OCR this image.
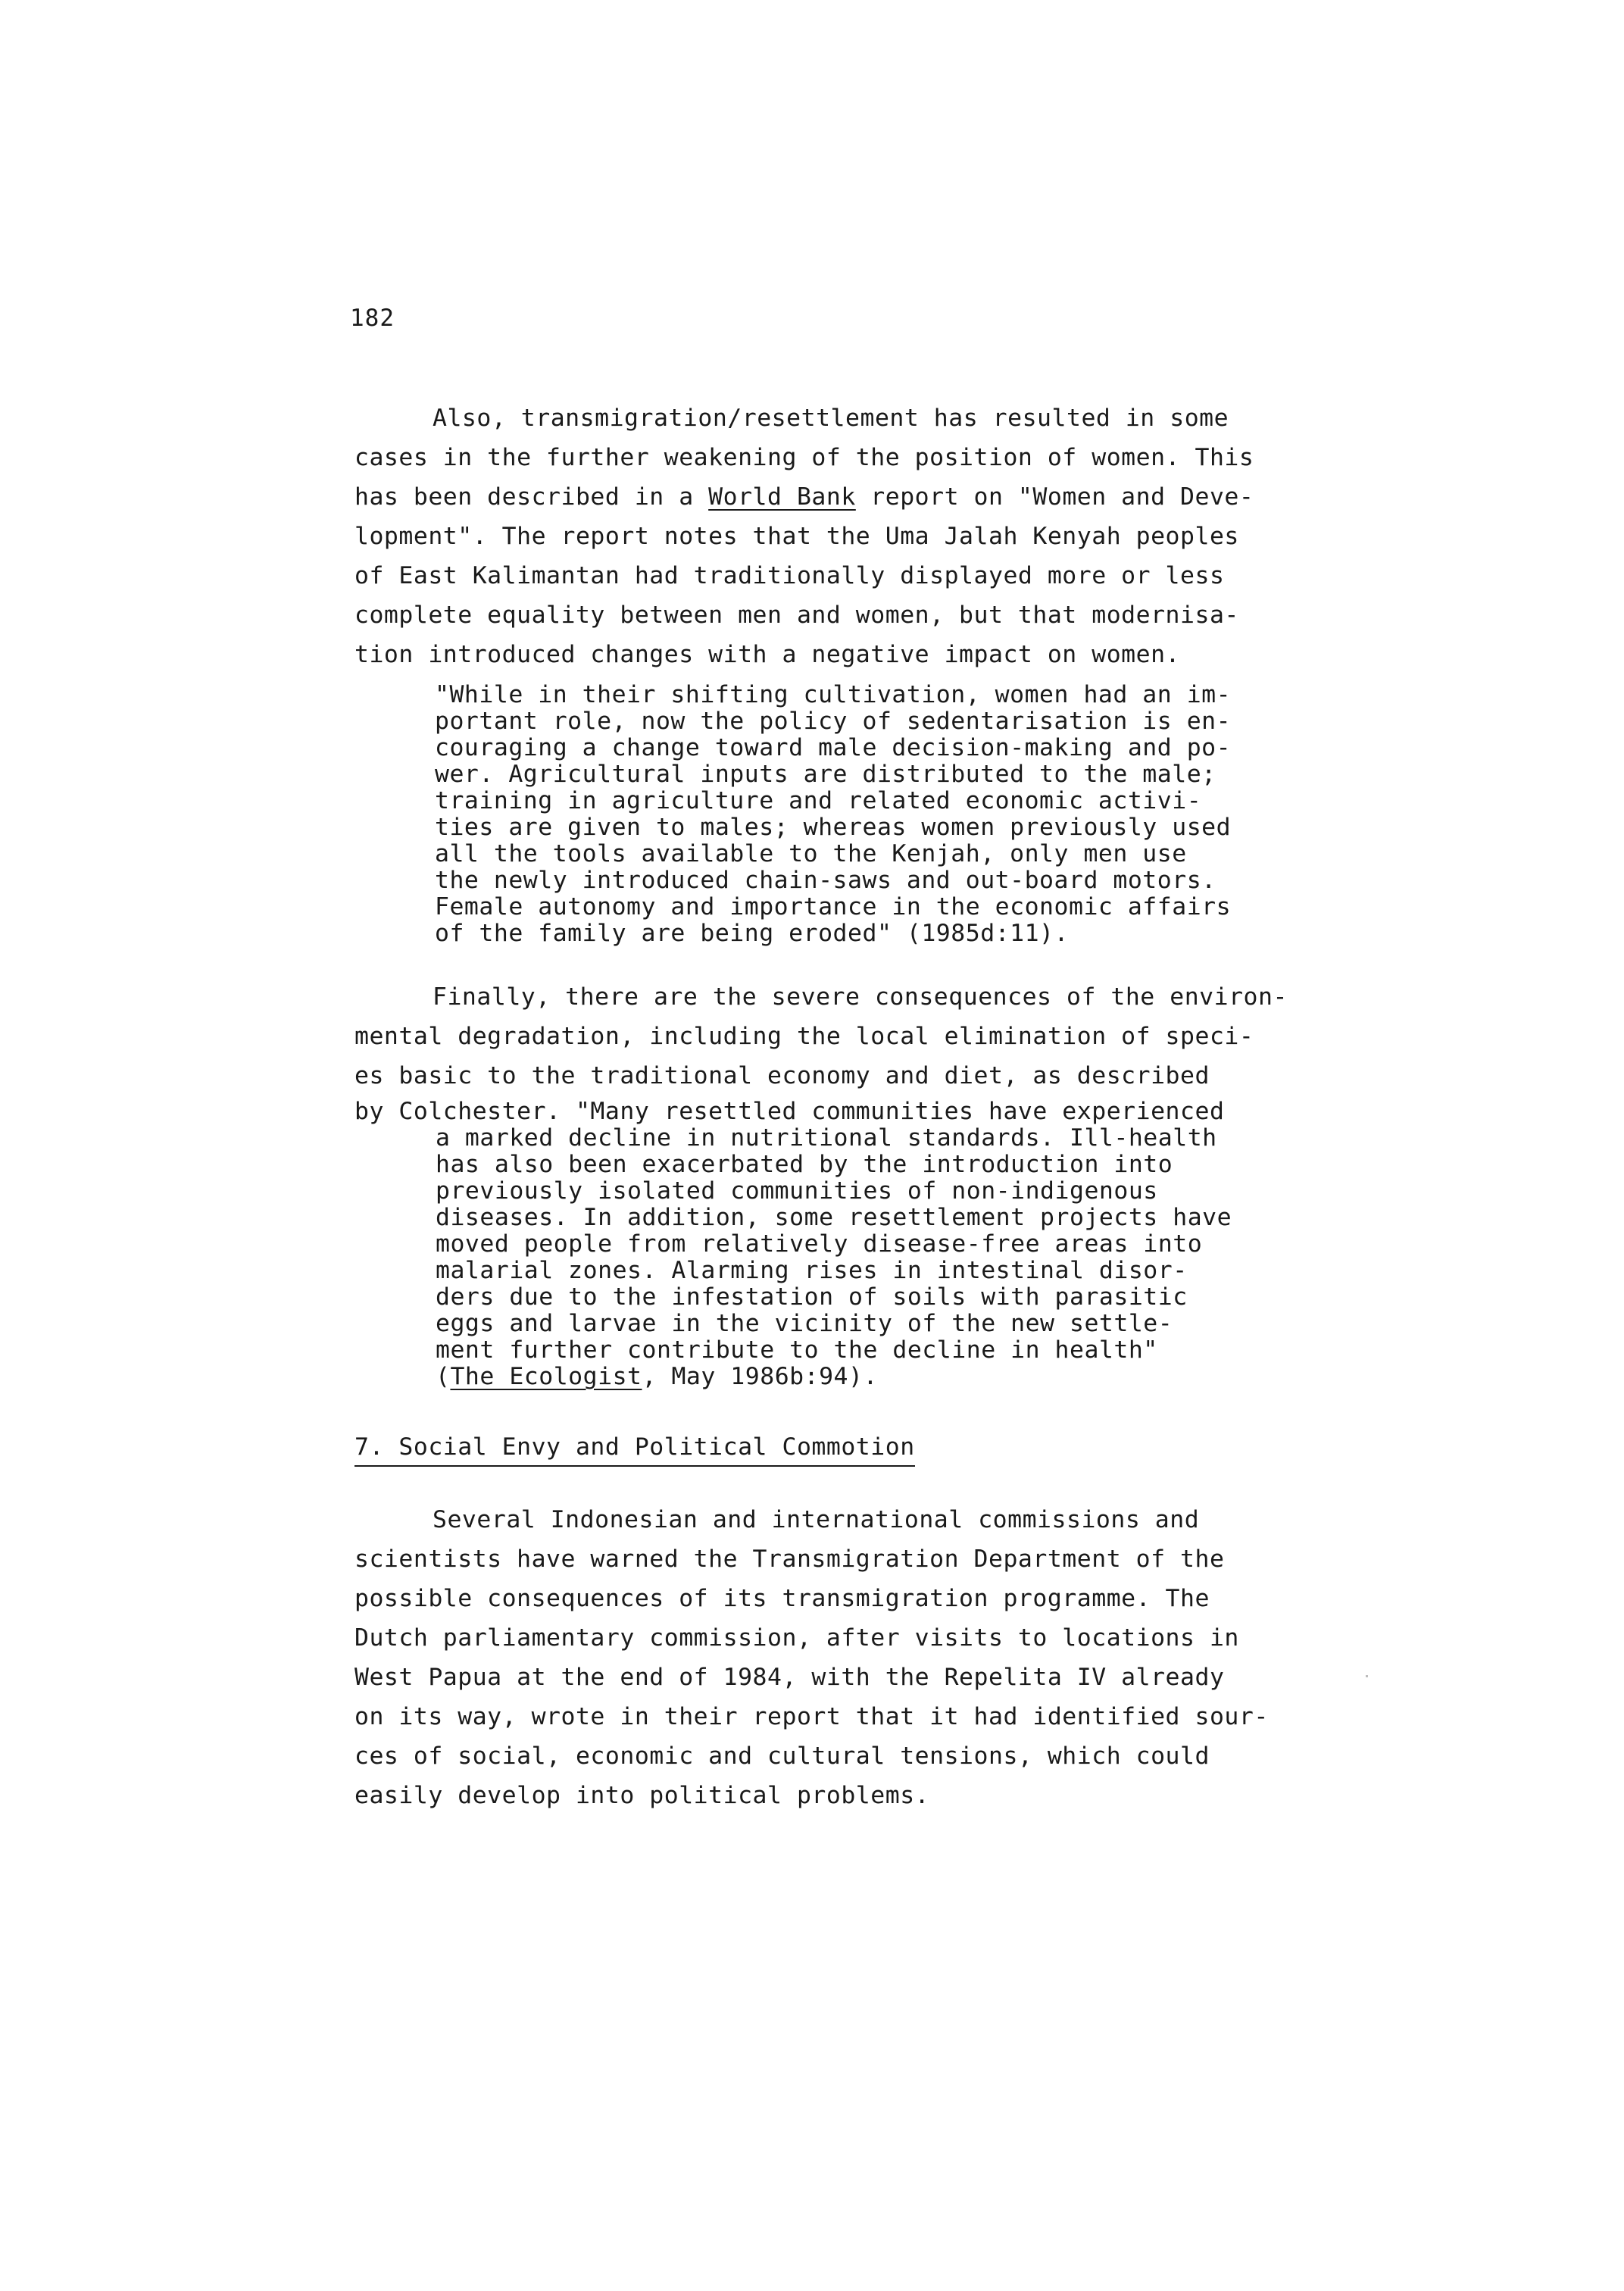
182
Also, transmigration/resettlement has resulted in some
cases in the further weakening of the position of women. This
has been described in a World Bank report on "Women and Deve-
lopment". The report notes that the Uma Jalah Kenyah peoples
of East Kalimantan had traditionally displayed more or less
complete equality between men and women, but that modernisa-
tion introduced changes with a negative impact on women.
"While in their shifting cultivation, women had an im-
portant role, now the policy of sedentarisation is en-
couraging a change toward male decision-making and po-
wer. Agricultural inputs are distributed to the male;
training in agriculture and related economic activi-
ties are given to males; whereas women previously used
all the tools available to the Kenjah, only men use
the newly introduced chain-saws and out-board motors.
Female autonomy and importance in the economic affairs
of the family are being eroded" (1985d:11).
Finally, there are the severe consequences of the environ-
mental degradation, including the local elimination of speci-
es basic to the traditional economy and diet, as described
by Colchester. "Many resettled communities have experienced
a marked decline in nutritional standards. Ill-health
has also been exacerbated by the introduction into
previously isolated communities of non-indigenous
diseases. In addition, some resettlement projects have
moved people from relatively disease-free areas into
malarial zones. Alarming rises in intestinal disor-
ders due to the infestation of soils with parasitic
eggs and larvae in the vicinity of the new settle-
ment further contribute to the decline in health"
(The Ecologist, May 1986b:94).
7. Social Envy and Political Commotion
Several Indonesian and international commissions and
scientists have warned the Transmigration Department of the
possible consequences of its transmigration programme. The
Dutch parliamentary commission, after visits to locations in
West Papua at the end of 1984, with the Repelita IV already
on its way, wrote in their report that it had identified sour-
ces of social, economic and cultural tensions, which could
easily develop into political problems.
